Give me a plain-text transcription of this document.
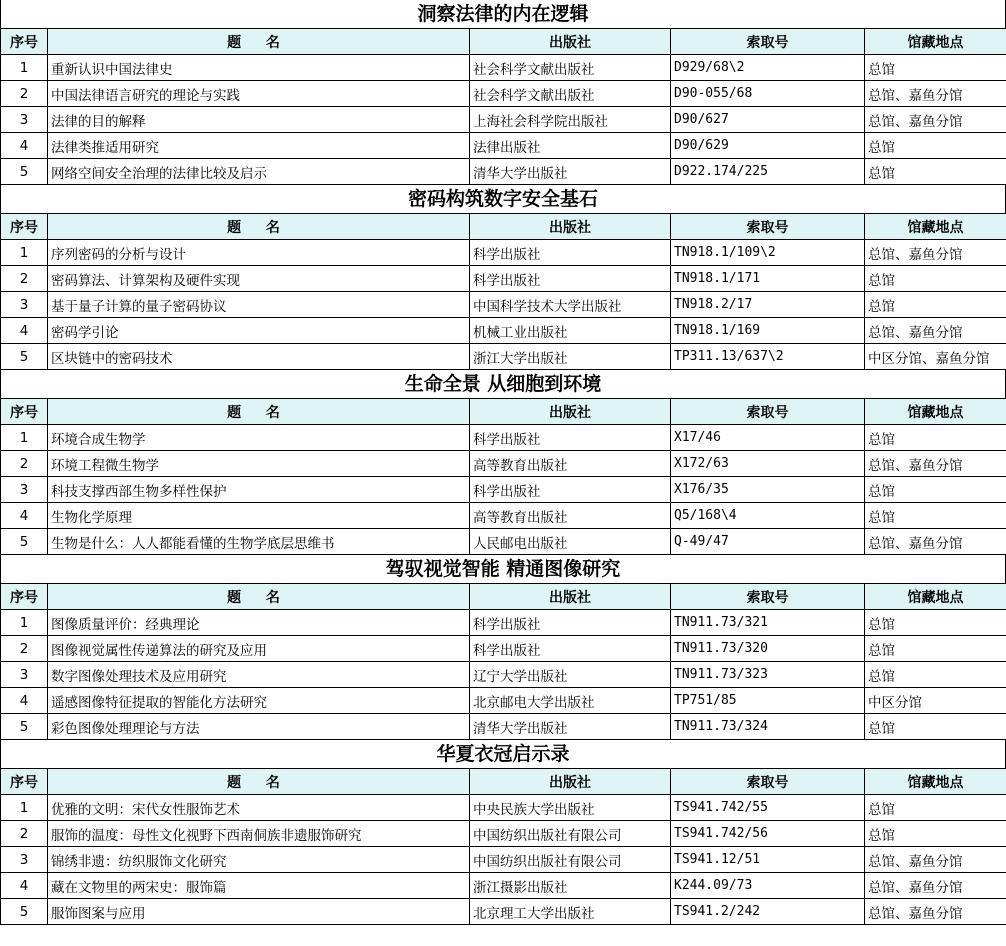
洞察法律的内在逻辑
序号	题 名	出版社	索取号	馆藏地点
1	重新认识中国法律史	社会科学文献出版社	D929/68\2	总馆
2	中国法律语言研究的理论与实践	社会科学文献出版社	D90-055/68	总馆、嘉鱼分馆
3	法律的目的解释	上海社会科学院出版社	D90/627	总馆、嘉鱼分馆
4	法律类推适用研究	法律出版社	D90/629	总馆
5	网络空间安全治理的法律比较及启示	清华大学出版社	D922.174/225	总馆
密码构筑数字安全基石
序号	题 名	出版社	索取号	馆藏地点
1	序列密码的分析与设计	科学出版社	TN918.1/109\2	总馆、嘉鱼分馆
2	密码算法、计算架构及硬件实现	科学出版社	TN918.1/171	总馆
3	基于量子计算的量子密码协议	中国科学技术大学出版社	TN918.2/17	总馆
4	密码学引论	机械工业出版社	TN918.1/169	总馆、嘉鱼分馆
5	区块链中的密码技术	浙江大学出版社	TP311.13/637\2	中区分馆、嘉鱼分馆
生命全景 从细胞到环境
序号	题 名	出版社	索取号	馆藏地点
1	环境合成生物学	科学出版社	X17/46	总馆
2	环境工程微生物学	高等教育出版社	X172/63	总馆、嘉鱼分馆
3	科技支撑西部生物多样性保护	科学出版社	X176/35	总馆
4	生物化学原理	高等教育出版社	Q5/168\4	总馆
5	生物是什么：人人都能看懂的生物学底层思维书	人民邮电出版社	Q-49/47	总馆、嘉鱼分馆
驾驭视觉智能 精通图像研究
序号	题 名	出版社	索取号	馆藏地点
1	图像质量评价：经典理论	科学出版社	TN911.73/321	总馆
2	图像视觉属性传递算法的研究及应用	科学出版社	TN911.73/320	总馆
3	数字图像处理技术及应用研究	辽宁大学出版社	TN911.73/323	总馆
4	遥感图像特征提取的智能化方法研究	北京邮电大学出版社	TP751/85	中区分馆
5	彩色图像处理理论与方法	清华大学出版社	TN911.73/324	总馆
华夏衣冠启示录
序号	题 名	出版社	索取号	馆藏地点
1	优雅的文明：宋代女性服饰艺术	中央民族大学出版社	TS941.742/55	总馆
2	服饰的温度：母性文化视野下西南侗族非遗服饰研究	中国纺织出版社有限公司	TS941.742/56	总馆
3	锦绣非遗：纺织服饰文化研究	中国纺织出版社有限公司	TS941.12/51	总馆、嘉鱼分馆
4	藏在文物里的两宋史：服饰篇	浙江摄影出版社	K244.09/73	总馆、嘉鱼分馆
5	服饰图案与应用	北京理工大学出版社	TS941.2/242	总馆、嘉鱼分馆
